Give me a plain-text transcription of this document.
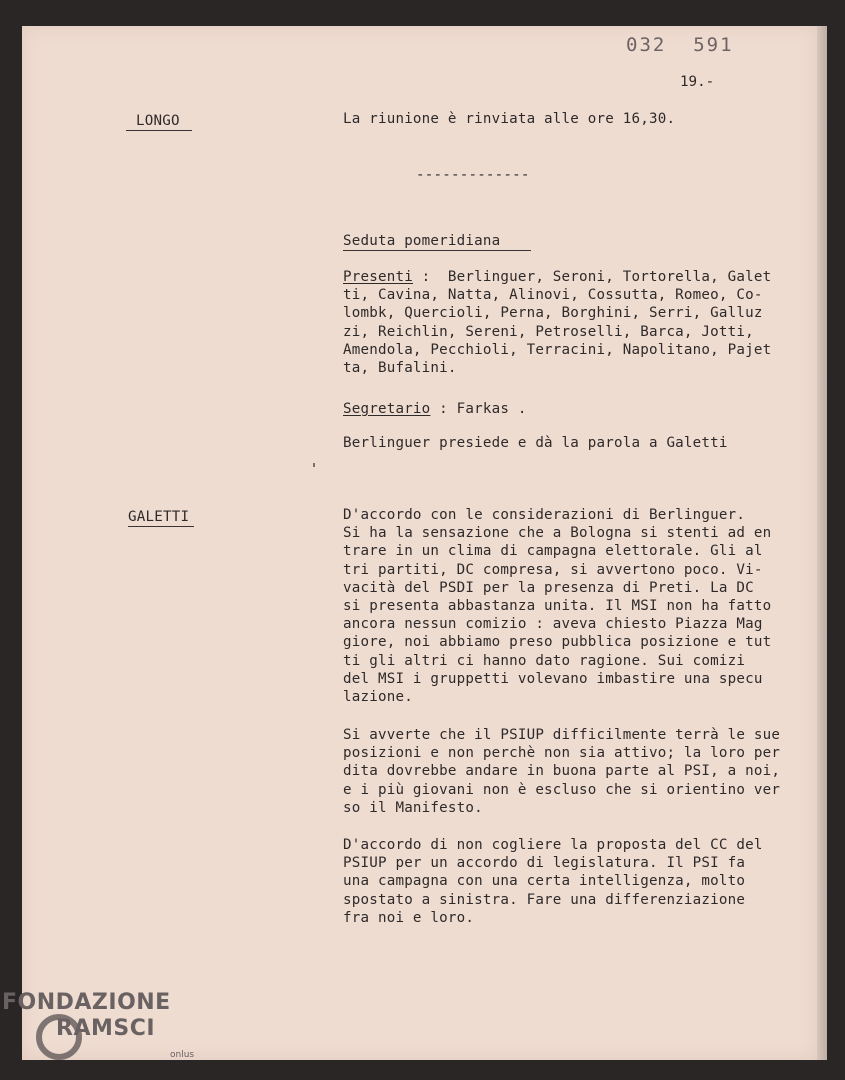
032  591
19.-
LONGO	La riunione è rinviata alle ore 16,30.
-------------
Seduta pomeridiana
Presenti :  Berlinguer, Seroni, Tortorella, Galet
ti, Cavina, Natta, Alinovi, Cossutta, Romeo, Co-
lombk, Quercioli, Perna, Borghini, Serri, Galluz
zi, Reichlin, Sereni, Petroselli, Barca, Jotti,
Amendola, Pecchioli, Terracini, Napolitano, Pajet
ta, Bufalini.
Segretario : Farkas .
Berlinguer presiede e dà la parola a Galetti
GALETTI	D'accordo con le considerazioni di Berlinguer.
Si ha la sensazione che a Bologna si stenti ad en
trare in un clima di campagna elettorale. Gli al
tri partiti, DC compresa, si avvertono poco. Vi-
vacità del PSDI per la presenza di Preti. La DC
si presenta abbastanza unita. Il MSI non ha fatto
ancora nessun comizio : aveva chiesto Piazza Mag
giore, noi abbiamo preso pubblica posizione e tut
ti gli altri ci hanno dato ragione. Sui comizi
del MSI i gruppetti volevano imbastire una specu
lazione.
Si avverte che il PSIUP difficilmente terrà le sue
posizioni e non perchè non sia attivo; la loro per
dita dovrebbe andare in buona parte al PSI, a noi,
e i più giovani non è escluso che si orientino ver
so il Manifesto.
D'accordo di non cogliere la proposta del CC del
PSIUP per un accordo di legislatura. Il PSI fa
una campagna con una certa intelligenza, molto
spostato a sinistra. Fare una differenziazione
fra noi e loro.
FONDAZIONE
RAMSCI
onlus
